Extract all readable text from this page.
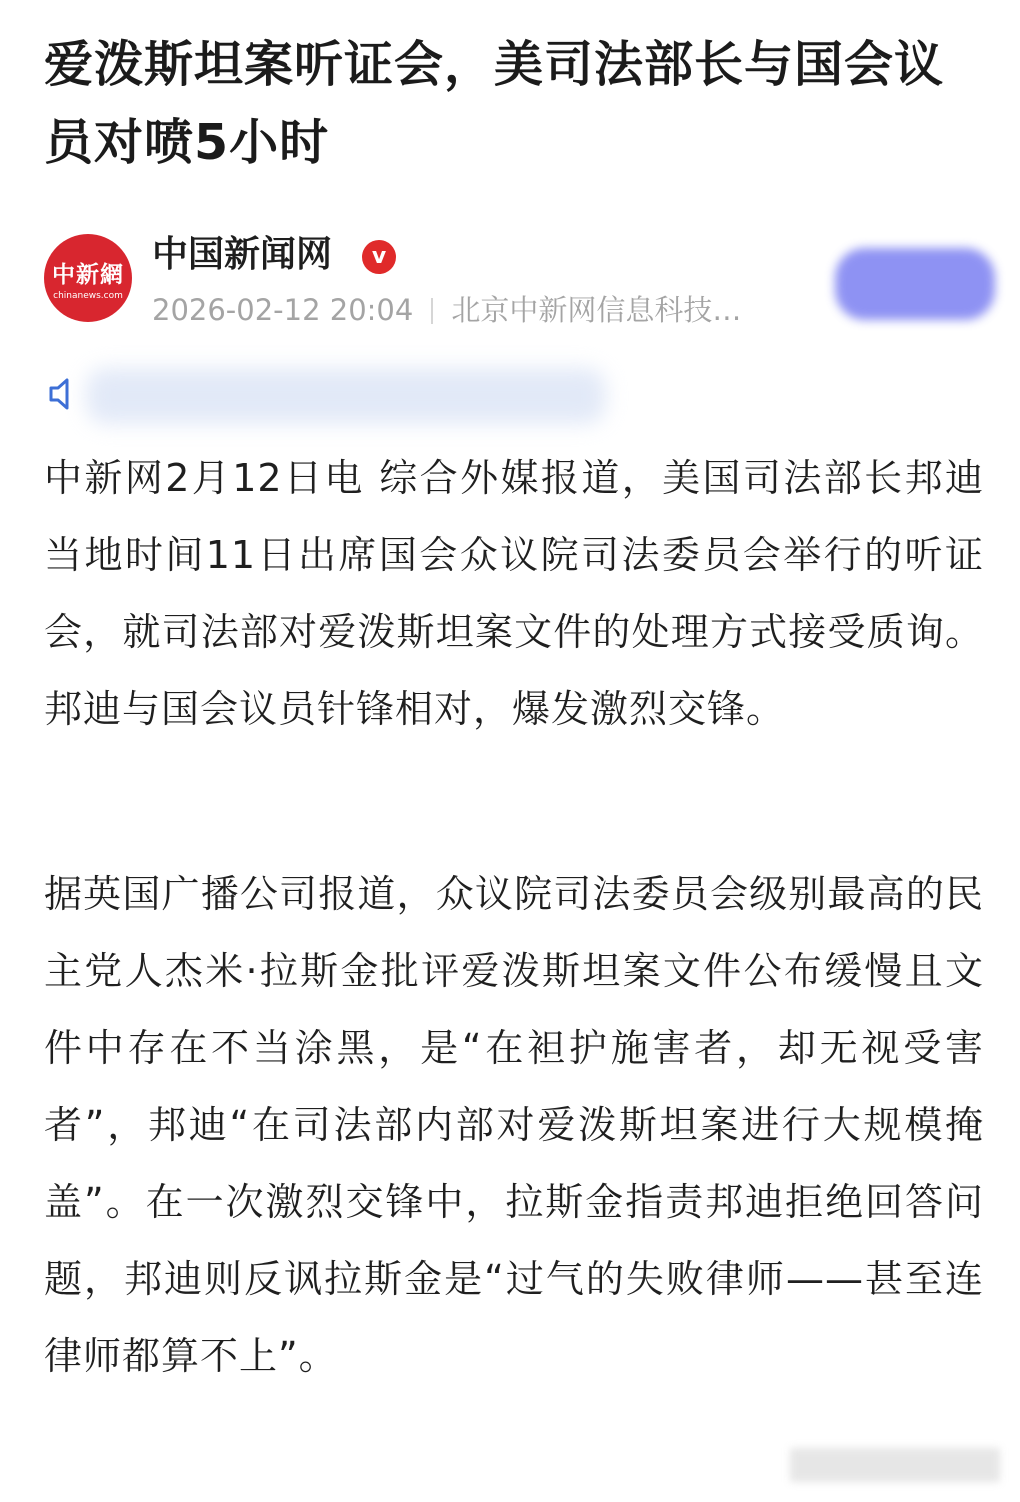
爱泼斯坦案听证会，美司法部长与国会议员对喷5小时
中新網
chinanews.com
中国新闻网	v
2026-02-12 20:04 北京中新网信息科技…

中新网2月12日电 综合外媒报道，美国司法部长邦迪当地时间11日出席国会众议院司法委员会举行的听证会，就司法部对爱泼斯坦案文件的处理方式接受质询。邦迪与国会议员针锋相对，爆发激烈交锋。

据英国广播公司报道，众议院司法委员会级别最高的民主党人杰米·拉斯金批评爱泼斯坦案文件公布缓慢且文件中存在不当涂黑，是“在袒护施害者，却无视受害者”，邦迪“在司法部内部对爱泼斯坦案进行大规模掩盖”。在一次激烈交锋中，拉斯金指责邦迪拒绝回答问题，邦迪则反讽拉斯金是“过气的失败律师——甚至连律师都算不上”。
